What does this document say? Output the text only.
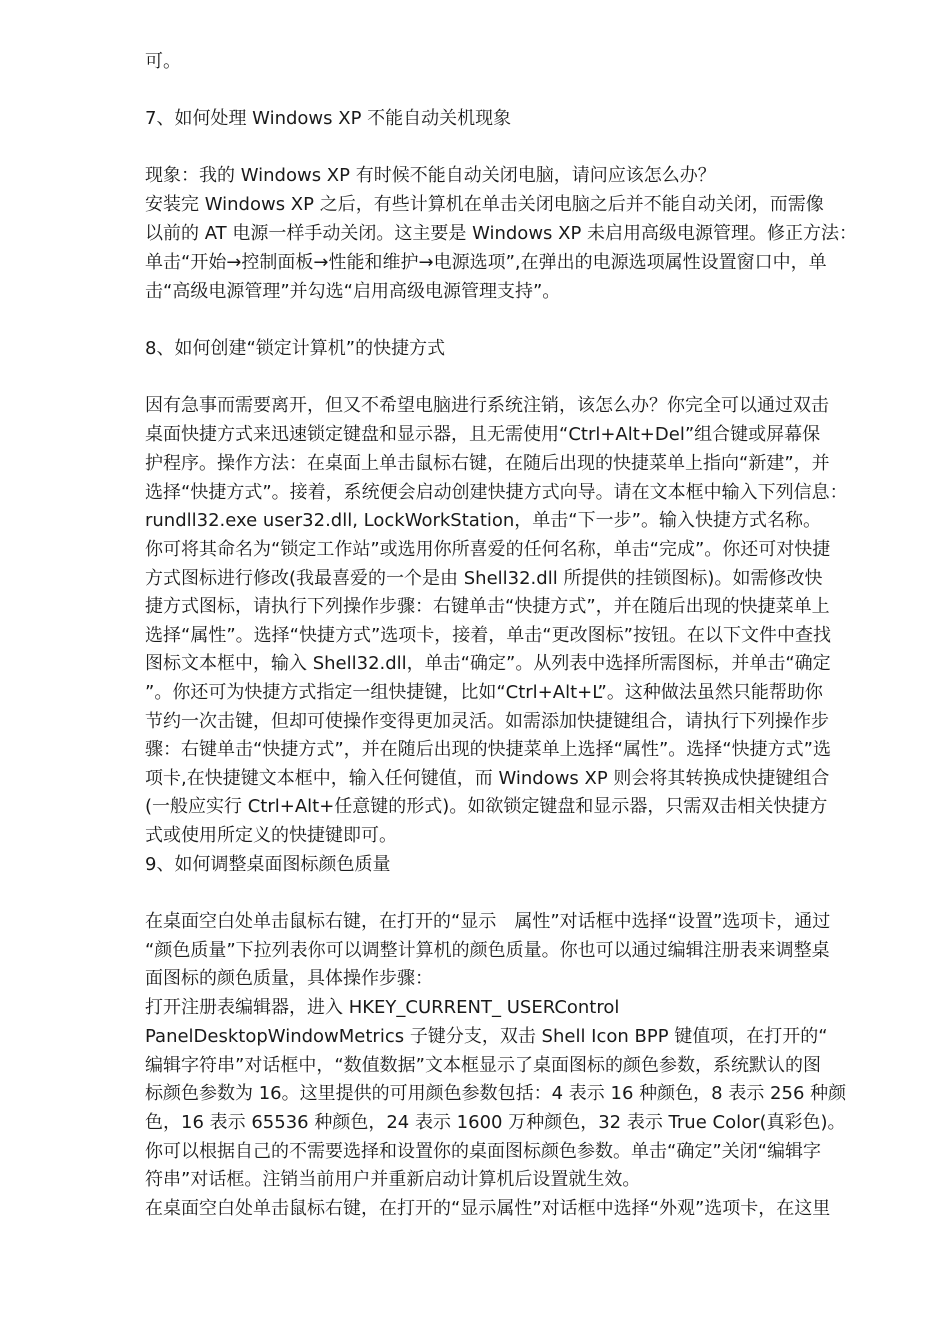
可。
7、如何处理 Windows XP 不能自动关机现象
现象：我的 Windows XP 有时候不能自动关闭电脑，请问应该怎么办？
安装完 Windows XP 之后，有些计算机在单击关闭电脑之后并不能自动关闭，而需像
以前的 AT 电源一样手动关闭。这主要是 Windows XP 未启用高级电源管理。修正方法：
单击“开始→控制面板→性能和维护→电源选项”,在弹出的电源选项属性设置窗口中，单
击“高级电源管理”并勾选“启用高级电源管理支持”。
8、如何创建“锁定计算机”的快捷方式
因有急事而需要离开，但又不希望电脑进行系统注销，该怎么办？你完全可以通过双击
桌面快捷方式来迅速锁定键盘和显示器，且无需使用“Ctrl+Alt+Del”组合键或屏幕保
护程序。操作方法：在桌面上单击鼠标右键，在随后出现的快捷菜单上指向“新建”，并
选择“快捷方式”。接着，系统便会启动创建快捷方式向导。请在文本框中输入下列信息：
rundll32.exe user32.dll, LockWorkStation，单击“下一步”。输入快捷方式名称。
你可将其命名为“锁定工作站”或选用你所喜爱的任何名称，单击“完成”。你还可对快捷
方式图标进行修改(我最喜爱的一个是由 Shell32.dll 所提供的挂锁图标)。如需修改快
捷方式图标，请执行下列操作步骤：右键单击“快捷方式”，并在随后出现的快捷菜单上
选择“属性”。选择“快捷方式”选项卡，接着，单击“更改图标”按钮。在以下文件中查找
图标文本框中，输入 Shell32.dll，单击“确定”。从列表中选择所需图标，并单击“确定
”。你还可为快捷方式指定一组快捷键，比如“Ctrl+Alt+L”。这种做法虽然只能帮助你
节约一次击键，但却可使操作变得更加灵活。如需添加快捷键组合，请执行下列操作步
骤：右键单击“快捷方式”，并在随后出现的快捷菜单上选择“属性”。选择“快捷方式”选
项卡,在快捷键文本框中，输入任何键值，而 Windows XP 则会将其转换成快捷键组合
(一般应实行 Ctrl+Alt+任意键的形式)。如欲锁定键盘和显示器，只需双击相关快捷方
式或使用所定义的快捷键即可。
9、如何调整桌面图标颜色质量
在桌面空白处单击鼠标右键，在打开的“显示　属性”对话框中选择“设置”选项卡，通过
“颜色质量”下拉列表你可以调整计算机的颜色质量。你也可以通过编辑注册表来调整桌
面图标的颜色质量，具体操作步骤：
打开注册表编辑器，进入 HKEY_CURRENT_ USERControl
PanelDesktopWindowMetrics 子键分支，双击 Shell Icon BPP 键值项，在打开的“
编辑字符串”对话框中，“数值数据”文本框显示了桌面图标的颜色参数，系统默认的图
标颜色参数为 16。这里提供的可用颜色参数包括：4 表示 16 种颜色，8 表示 256 种颜
色，16 表示 65536 种颜色，24 表示 1600 万种颜色，32 表示 True Color(真彩色)。
你可以根据自己的不需要选择和设置你的桌面图标颜色参数。单击“确定”关闭“编辑字
符串”对话框。注销当前用户并重新启动计算机后设置就生效。
在桌面空白处单击鼠标右键，在打开的“显示属性”对话框中选择“外观”选项卡，在这里
